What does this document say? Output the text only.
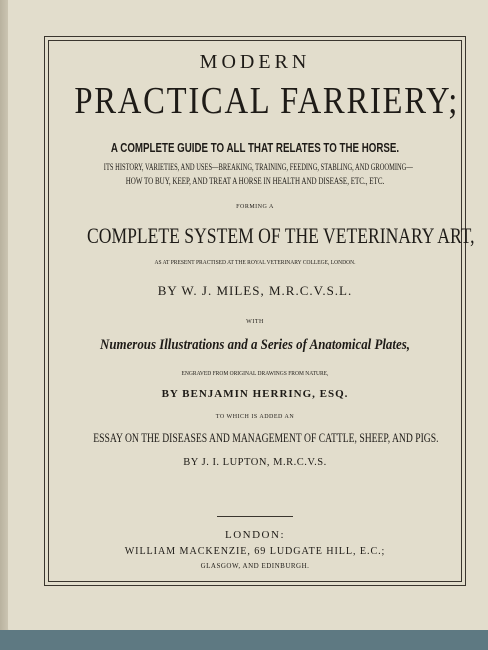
MODERN
PRACTICAL FARRIERY;
A COMPLETE GUIDE TO ALL THAT RELATES TO THE HORSE.
ITS HISTORY, VARIETIES, AND USES—BREAKING, TRAINING, FEEDING, STABLING, AND GROOMING—
HOW TO BUY, KEEP, AND TREAT A HORSE IN HEALTH AND DISEASE, ETC., ETC.
FORMING A
COMPLETE SYSTEM OF THE VETERINARY ART,
AS AT PRESENT PRACTISED AT THE ROYAL VETERINARY COLLEGE, LONDON.
BY W. J. MILES, M.R.C.V.S.L.
WITH
Numerous Illustrations and a Series of Anatomical Plates,
ENGRAVED FROM ORIGINAL DRAWINGS FROM NATURE,
BY BENJAMIN HERRING, ESQ.
TO WHICH IS ADDED AN
ESSAY ON THE DISEASES AND MANAGEMENT OF CATTLE, SHEEP, AND PIGS.
BY J. I. LUPTON, M.R.C.V.S.
LONDON:
WILLIAM MACKENZIE, 69 LUDGATE HILL, E.C.;
GLASGOW, AND EDINBURGH.
